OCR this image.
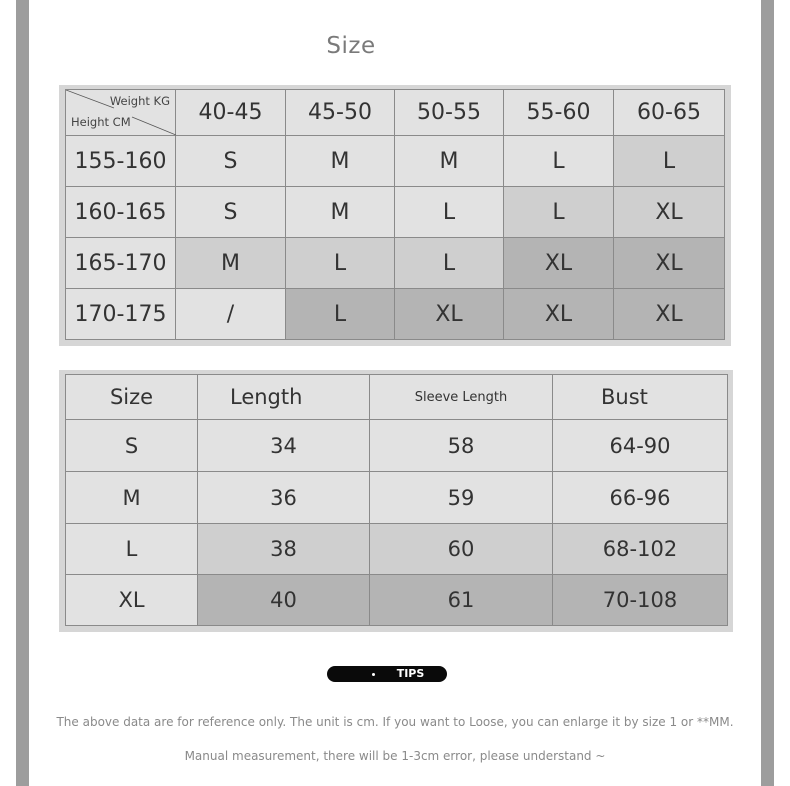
Size
Weight KG
Height CM	40-45	45-50	50-55	55-60	60-65
155-160	S	M	M	L	L
160-165	S	M	L	L	XL
165-170	M	L	L	XL	XL
170-175	/	L	XL	XL	XL
Size	Length	Sleeve Length	Bust
S	34	58	64-90
M	36	59	66-96
L	38	60	68-102
XL	40	61	70-108
TIPS
The above data are for reference only. The unit is cm. If you want to Loose, you can enlarge it by size 1 or **MM.
Manual measurement, there will be 1-3cm error, please understand ~
